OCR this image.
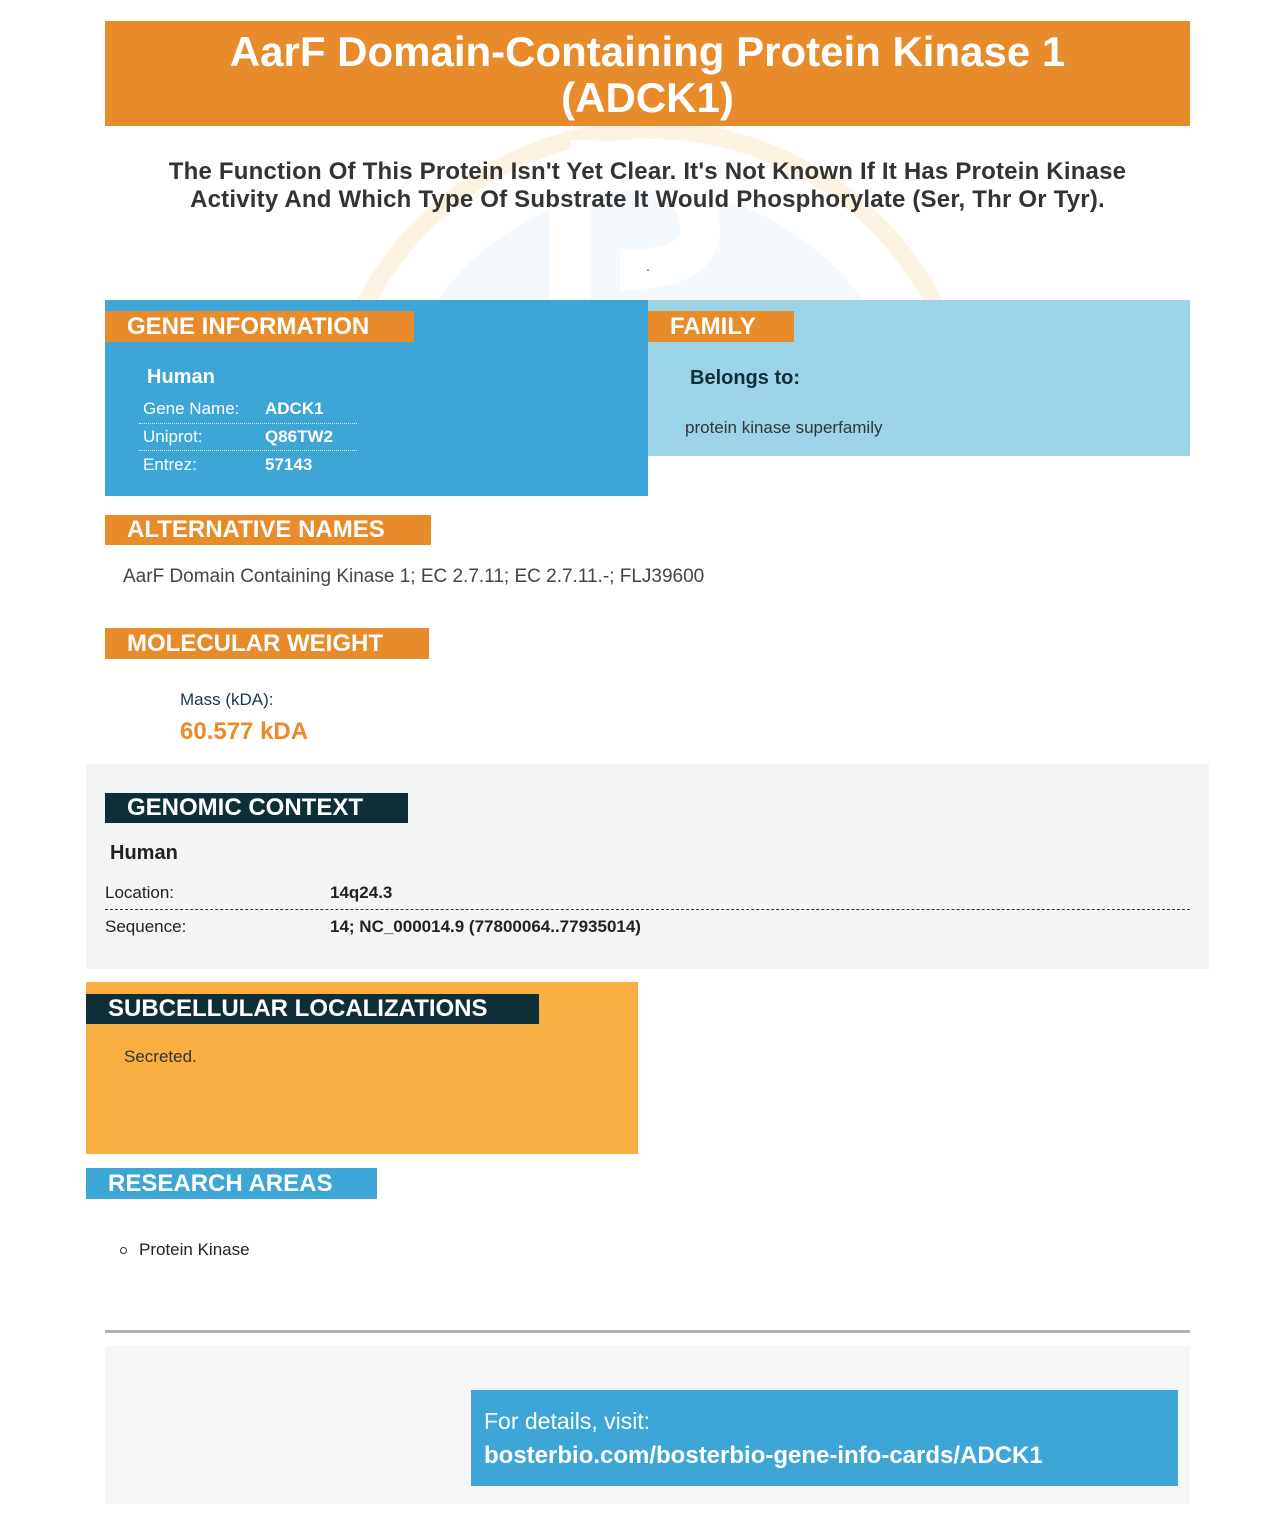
AarF Domain-Containing Protein Kinase 1
(ADCK1)
The Function Of This Protein Isn't Yet Clear. It's Not Known If It Has Protein Kinase
Activity And Which Type Of Substrate It Would Phosphorylate (Ser, Thr Or Tyr).
.
GENE INFORMATION
Human
Gene Name:	ADCK1
Uniprot:	Q86TW2
Entrez:	57143
FAMILY
Belongs to:
protein kinase superfamily
ALTERNATIVE NAMES
AarF Domain Containing Kinase 1; EC 2.7.11; EC 2.7.11.-; FLJ39600
MOLECULAR WEIGHT
Mass (kDA):
60.577 kDA
GENOMIC CONTEXT
Human
Location:	14q24.3
Sequence:	14; NC_000014.9 (77800064..77935014)
SUBCELLULAR LOCALIZATIONS
Secreted.
RESEARCH AREAS
Protein Kinase
For details, visit:
bosterbio.com/bosterbio-gene-info-cards/ADCK1
